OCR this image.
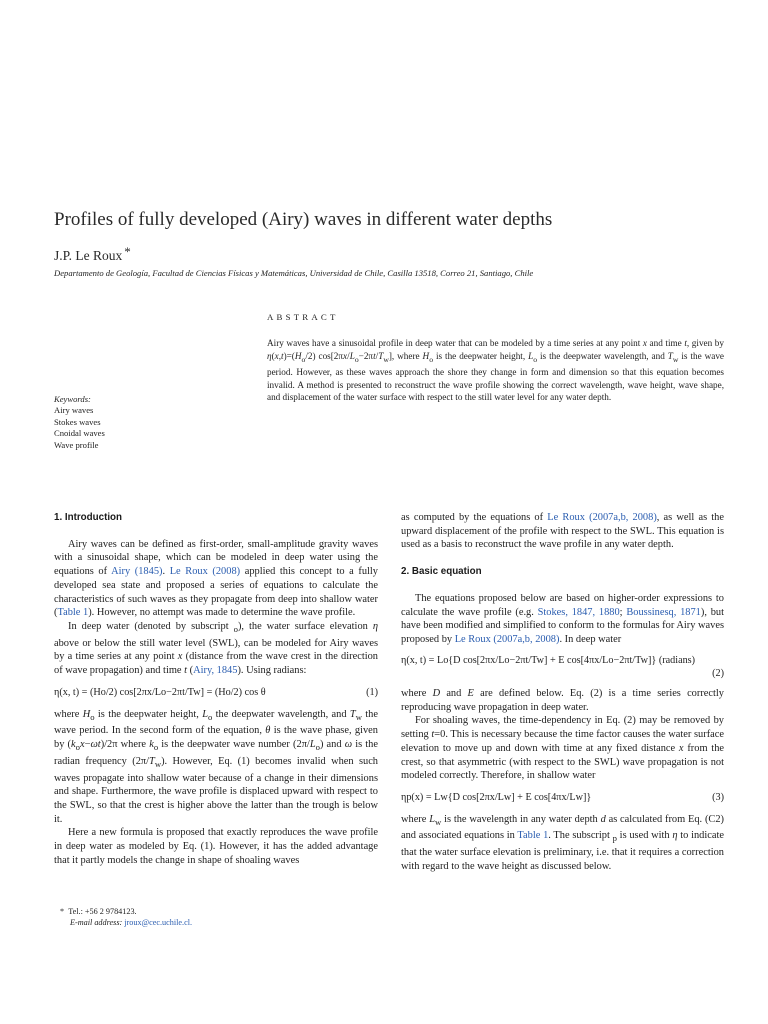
Profiles of fully developed (Airy) waves in different water depths
J.P. Le Roux *
Departamento de Geología, Facultad de Ciencias Físicas y Matemáticas, Universidad de Chile, Casilla 13518, Correo 21, Santiago, Chile
ABSTRACT
Airy waves have a sinusoidal profile in deep water that can be modeled by a time series at any point x and time t, given by $\eta(x,t)=(H_o/2)$ $\cos[2\pi x/L_o-2\pi t/T_w]$, where $H_o$ is the deepwater height, $L_o$ is the deepwater wavelength, and $T_w$ is the wave period. However, as these waves approach the shore they change in form and dimension so that this equation becomes invalid. A method is presented to reconstruct the wave profile showing the correct wavelength, wave height, wave shape, and displacement of the water surface with respect to the still water level for any water depth.
Keywords:
Airy waves
Stokes waves
Cnoidal waves
Wave profile
1. Introduction

Airy waves can be defined as first-order, small-amplitude gravity waves with a sinusoidal shape, which can be modeled in deep water using the equations of Airy (1845). Le Roux (2008) applied this concept to a fully developed sea state and proposed a series of equations to calculate the characteristics of such waves as they propagate from deep into shallow water (Table 1). However, no attempt was made to determine the wave profile.

In deep water (denoted by subscript $_o$), the water surface elevation η above or below the still water level (SWL), can be modeled for Airy waves by a time series at any point x (distance from the wave crest in the direction of wave propagation) and time t (Airy, 1845). Using radians:

η(x, t) = (Ho/2) cos[2πx/Lo−2πt/Tw] = (Ho/2) cos θ	(1)

where $H_o$ is the deepwater height, $L_o$ the deepwater wavelength, and $T_w$ the wave period. In the second form of the equation, θ is the wave phase, given by $(k_ox-\omega t)/2\pi$ where $k_o$ is the deepwater wave number $(2\pi/L_o)$ and ω is the radian frequency $(2\pi/T_w)$. However, Eq. (1) becomes invalid when such waves propagate into shallow water because of a change in their dimensions and shape. Furthermore, the wave profile is displaced upward with respect to the SWL, so that the crest is higher above the latter than the trough is below it.

Here a new formula is proposed that exactly reproduces the wave profile in deep water as modeled by Eq. (1). However, it has the added advantage that it partly models the change in shape of shoaling waves

*  Tel.: +56 2 9784123.
E-mail address: jroux@cec.uchile.cl.

as computed by the equations of Le Roux (2007a,b, 2008), as well as the upward displacement of the profile with respect to the SWL. This equation is used as a basis to reconstruct the wave profile in any water depth.

2. Basic equation

The equations proposed below are based on higher-order expressions to calculate the wave profile (e.g. Stokes, 1847, 1880; Boussinesq, 1871), but have been modified and simplified to conform to the formulas for Airy waves proposed by Le Roux (2007a,b, 2008). In deep water

η(x, t) = Lo{D cos[2πx/Lo−2πt/Tw] + E cos[4πx/Lo−2πt/Tw]} (radians)
(2)

where D and E are defined below. Eq. (2) is a time series correctly reproducing wave propagation in deep water.

For shoaling waves, the time-dependency in Eq. (2) may be removed by setting t=0. This is necessary because the time factor causes the water surface elevation to move up and down with time at any fixed distance x from the crest, so that asymmetric (with respect to the SWL) wave propagation is not modeled correctly. Therefore, in shallow water

ηp(x) = Lw{D cos[2πx/Lw] + E cos[4πx/Lw]}	(3)

where $L_w$ is the wavelength in any water depth d as calculated from Eq. (C2) and associated equations in Table 1. The subscript $_p$ is used with η to indicate that the water surface elevation is preliminary, i.e. that it requires a correction with regard to the wave height as discussed below.
